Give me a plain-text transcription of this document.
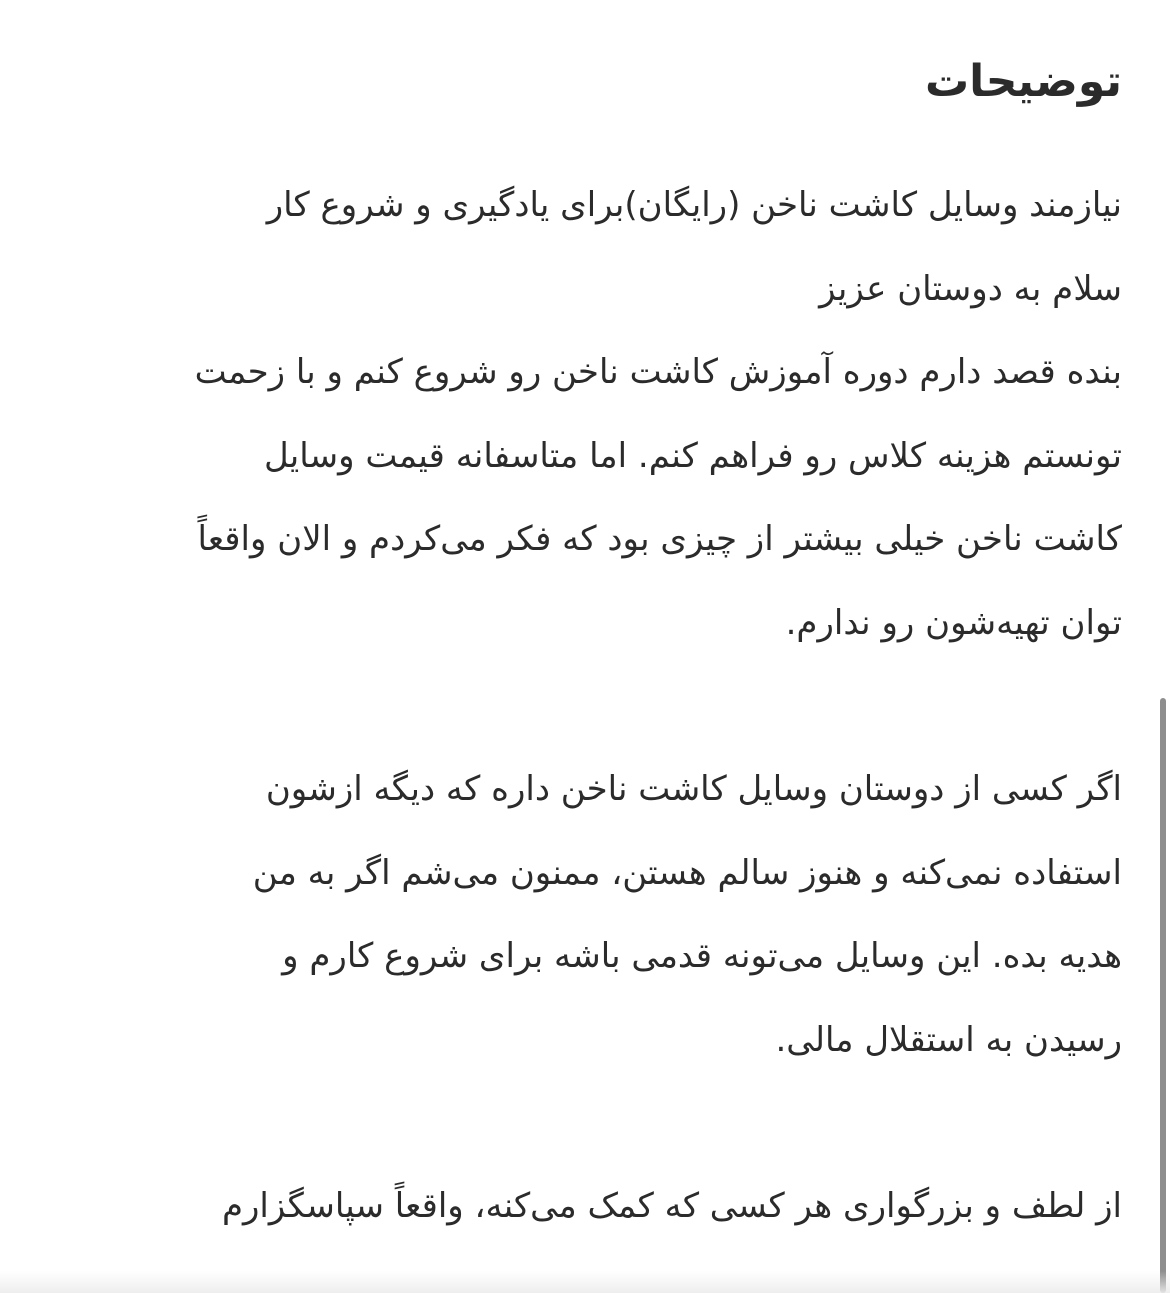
توضیحات

نیازمند وسایل کاشت ناخن (رایگان)برای یادگیری و شروع کار
سلام به دوستان عزیز
بنده قصد دارم دوره آموزش کاشت ناخن رو شروع کنم و با زحمت
تونستم هزینه کلاس رو فراهم کنم. اما متاسفانه قیمت وسایل
کاشت ناخن خیلی بیشتر از چیزی بود که فکر می‌کردم و الان واقعاً
توان تهیه‌شون رو ندارم.

اگر کسی از دوستان وسایل کاشت ناخن داره که دیگه ازشون
استفاده نمی‌کنه و هنوز سالم هستن، ممنون می‌شم اگر به من
هدیه بده. این وسایل می‌تونه قدمی باشه برای شروع کارم و
رسیدن به استقلال مالی.

از لطف و بزرگواری هر کسی که کمک می‌کنه، واقعاً سپاسگزارم
